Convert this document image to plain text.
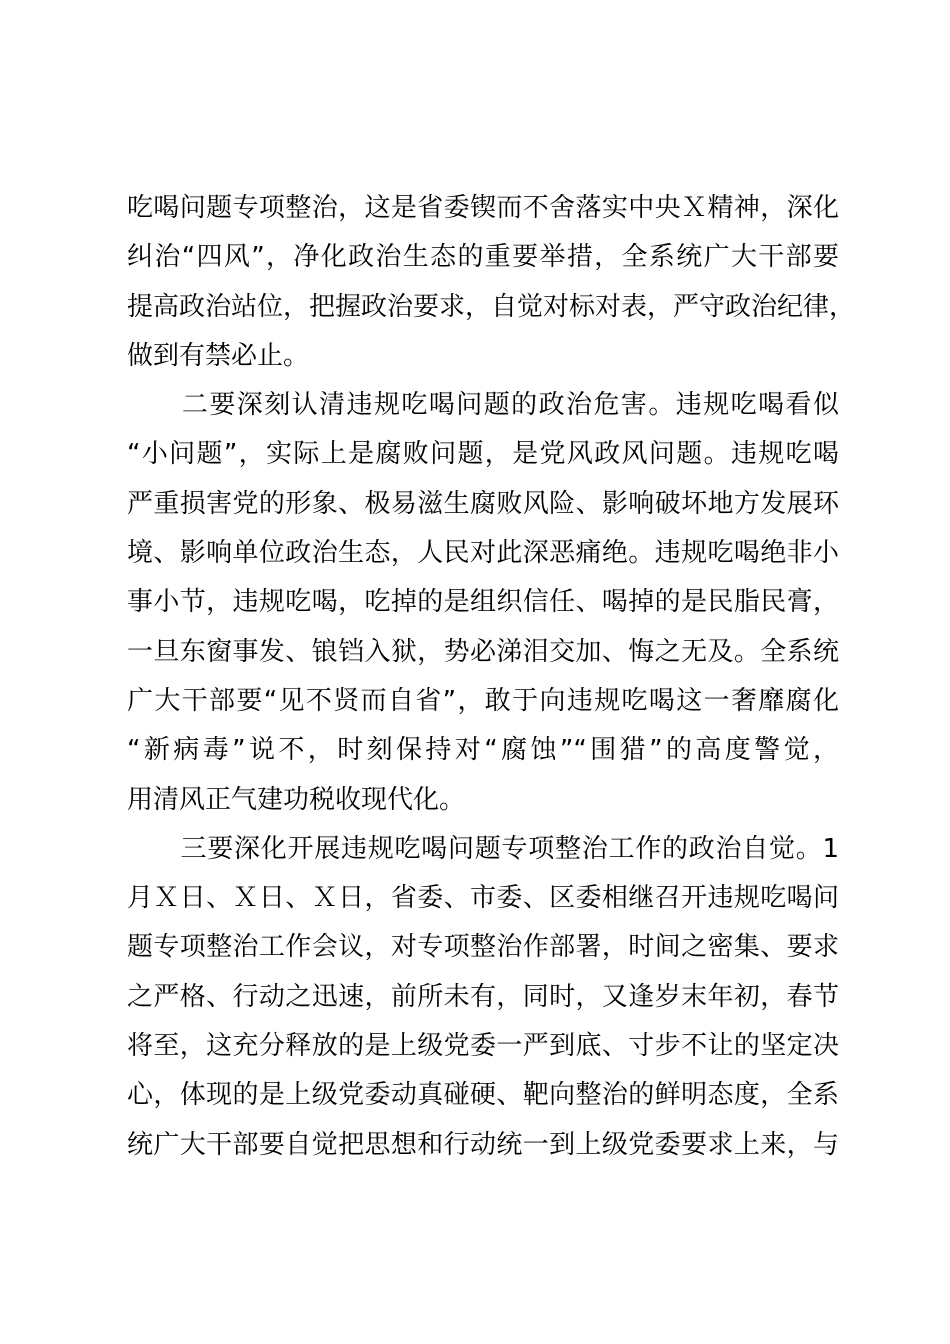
吃喝问题专项整治，这是省委锲而不舍落实中央Ｘ精神，深化
纠治“四风”，净化政治生态的重要举措，全系统广大干部要
提高政治站位，把握政治要求，自觉对标对表，严守政治纪律，
做到有禁必止。
　　二要深刻认清违规吃喝问题的政治危害。违规吃喝看似
“小问题”，实际上是腐败问题，是党风政风问题。违规吃喝
严重损害党的形象、极易滋生腐败风险、影响破坏地方发展环
境、影响单位政治生态，人民对此深恶痛绝。违规吃喝绝非小
事小节，违规吃喝，吃掉的是组织信任、喝掉的是民脂民膏，
一旦东窗事发、锒铛入狱，势必涕泪交加、悔之无及。全系统
广大干部要“见不贤而自省”，敢于向违规吃喝这一奢靡腐化
“新病毒”说不，时刻保持对“腐蚀”“围猎”的高度警觉，
用清风正气建功税收现代化。
　　三要深化开展违规吃喝问题专项整治工作的政治自觉。1
月Ｘ日、Ｘ日、Ｘ日，省委、市委、区委相继召开违规吃喝问
题专项整治工作会议，对专项整治作部署，时间之密集、要求
之严格、行动之迅速，前所未有，同时，又逢岁末年初，春节
将至，这充分释放的是上级党委一严到底、寸步不让的坚定决
心，体现的是上级党委动真碰硬、靶向整治的鲜明态度，全系
统广大干部要自觉把思想和行动统一到上级党委要求上来，与
